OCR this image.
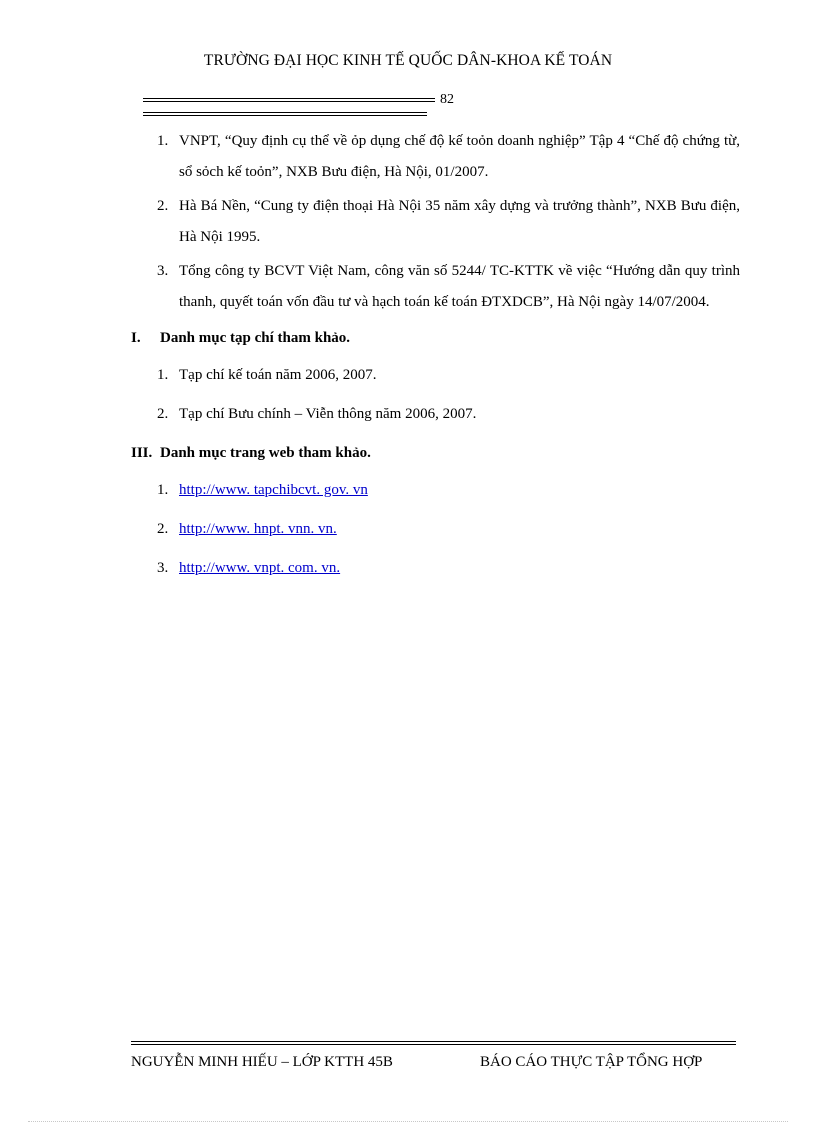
TRƯỜNG ĐẠI HỌC KINH TẾ QUỐC DÂN-KHOA KẾ TOÁN
82
1. VNPT, “Quy định cụ thể về ỏp dụng chế độ kế toỏn doanh nghiệp” Tập 4 “Chế độ chứng từ, sổ sỏch kế toỏn”, NXB Bưu điện, Hà Nội, 01/2007.
2. Hà Bá Nền, “Cung ty điện thoại Hà Nội 35 năm xây dựng và trưởng thành”, NXB Bưu điện, Hà Nội 1995.
3. Tổng công ty BCVT Việt Nam, công văn số 5244/ TC-KTTK về việc “Hướng dẫn quy trình thanh, quyết toán vốn đầu tư và hạch toán kế toán ĐTXDCB”, Hà Nội ngày 14/07/2004.
I. Danh mục tạp chí tham khảo.
1. Tạp chí kế toán năm 2006, 2007.
2. Tạp chí Bưu chính – Viễn thông năm 2006, 2007.
III. Danh mục trang web tham khảo.
1. http://www. tapchibcvt. gov. vn
2. http://www. hnpt. vnn. vn.
3. http://www. vnpt. com. vn.
NGUYỄN MINH HIẾU – LỚP KTTH 45B	BÁO CÁO THỰC TẬP TỔNG HỢP
